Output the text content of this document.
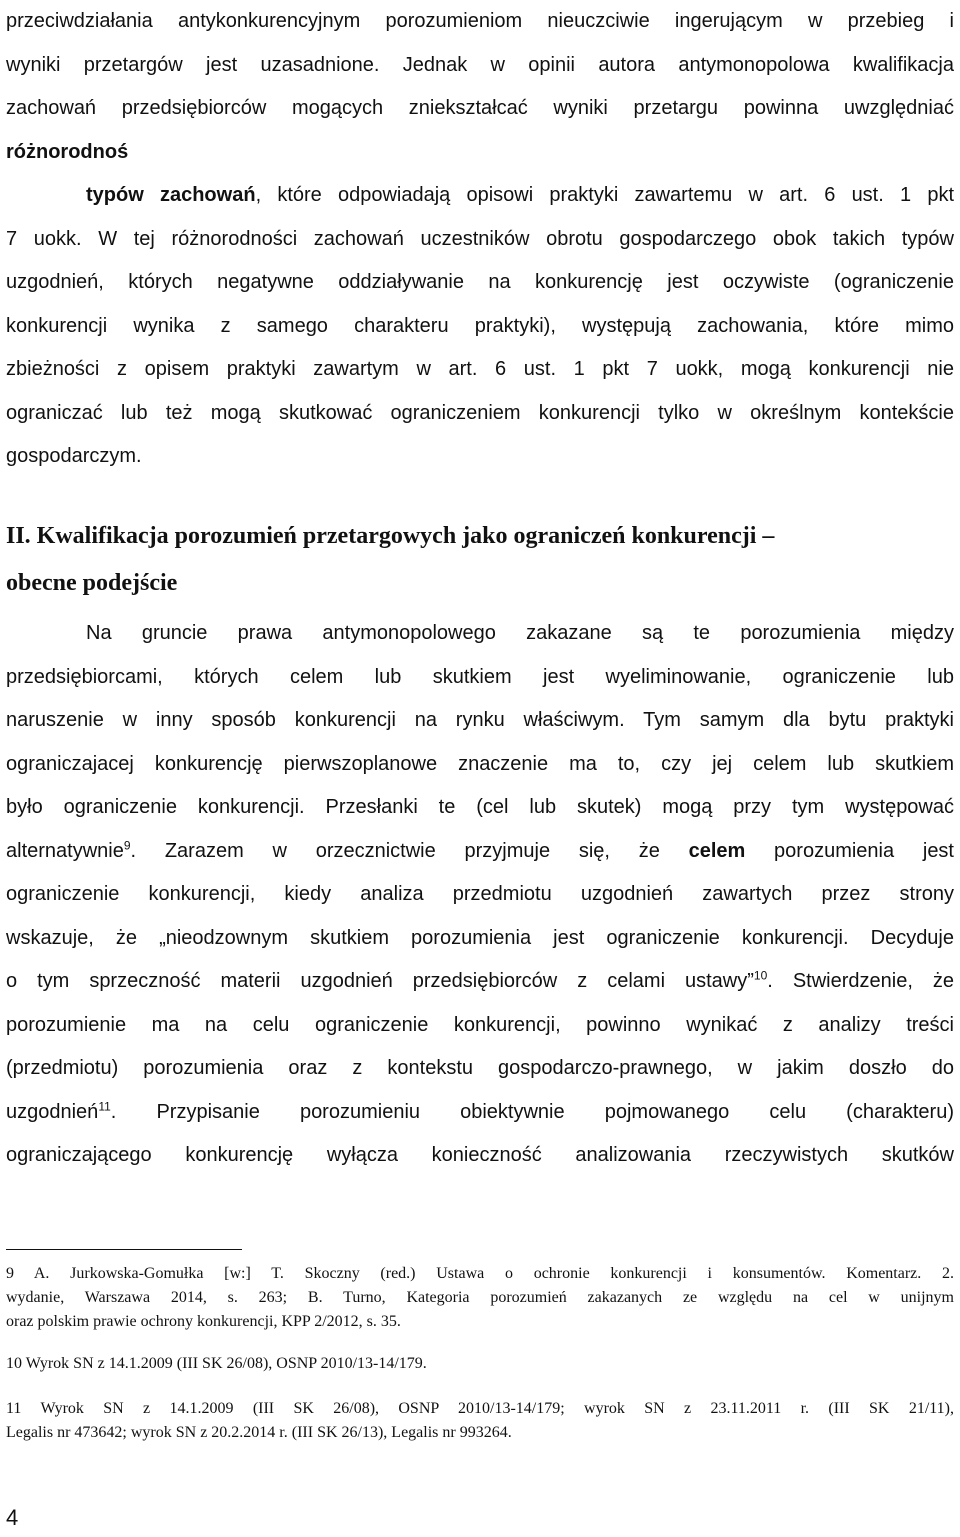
przeciwdziałania antykonkurencyjnym porozumieniom nieuczciwie ingerującym w przebieg i
wyniki przetargów jest uzasadnione. Jednak w opinii autora antymonopolowa kwalifikacja
zachowań przedsiębiorców mogących zniekształcać wyniki przetargu powinna uwzględniać
różnorodnoś
typów zachowań, które odpowiadają opisowi praktyki zawartemu w art. 6 ust. 1 pkt
7 uokk. W tej różnorodności zachowań uczestników obrotu gospodarczego obok takich typów
uzgodnień, których negatywne oddziaływanie na konkurencję jest oczywiste (ograniczenie
konkurencji wynika z samego charakteru praktyki), występują zachowania, które mimo
zbieżności z opisem praktyki zawartym w art. 6 ust. 1 pkt 7 uokk, mogą konkurencji nie
ograniczać lub też mogą skutkować ograniczeniem konkurencji tylko w określnym kontekście
gospodarczym.
II. Kwalifikacja porozumień przetargowych jako ograniczeń konkurencji –
obecne podejście
Na gruncie prawa antymonopolowego zakazane są te porozumienia między
przedsiębiorcami, których celem lub skutkiem jest wyeliminowanie, ograniczenie lub
naruszenie w inny sposób konkurencji na rynku właściwym. Tym samym dla bytu praktyki
ograniczajacej konkurencję pierwszoplanowe znaczenie ma to, czy jej celem lub skutkiem
było ograniczenie konkurencji. Przesłanki te (cel lub skutek) mogą przy tym występować
alternatywnie$^9$. Zarazem w orzecznictwie przyjmuje się, że celem porozumienia jest
ograniczenie konkurencji, kiedy analiza przedmiotu uzgodnień zawartych przez strony
wskazuje, że „nieodzownym skutkiem porozumienia jest ograniczenie konkurencji. Decyduje
o tym sprzeczność materii uzgodnień przedsiębiorców z celami ustawy”$^{10}$. Stwierdzenie, że
porozumienie ma na celu ograniczenie konkurencji, powinno wynikać z analizy treści
(przedmiotu) porozumienia oraz z kontekstu gospodarczo-prawnego, w jakim doszło do
uzgodnień$^{11}$. Przypisanie porozumieniu obiektywnie pojmowanego celu (charakteru)
ograniczającego konkurencję wyłącza konieczność analizowania rzeczywistych skutków
9 A. Jurkowska-Gomułka [w:] T. Skoczny (red.) Ustawa o ochronie konkurencji i konsumentów. Komentarz. 2.
wydanie, Warszawa 2014, s. 263; B. Turno, Kategoria porozumień zakazanych ze względu na cel w unijnym
oraz polskim prawie ochrony konkurencji, KPP 2/2012, s. 35.
10 Wyrok SN z 14.1.2009 (III SK 26/08), OSNP 2010/13-14/179.
11 Wyrok SN z 14.1.2009 (III SK 26/08), OSNP 2010/13-14/179; wyrok SN z 23.11.2011 r. (III SK 21/11),
Legalis nr 473642; wyrok SN z 20.2.2014 r. (III SK 26/13), Legalis nr 993264.
4
